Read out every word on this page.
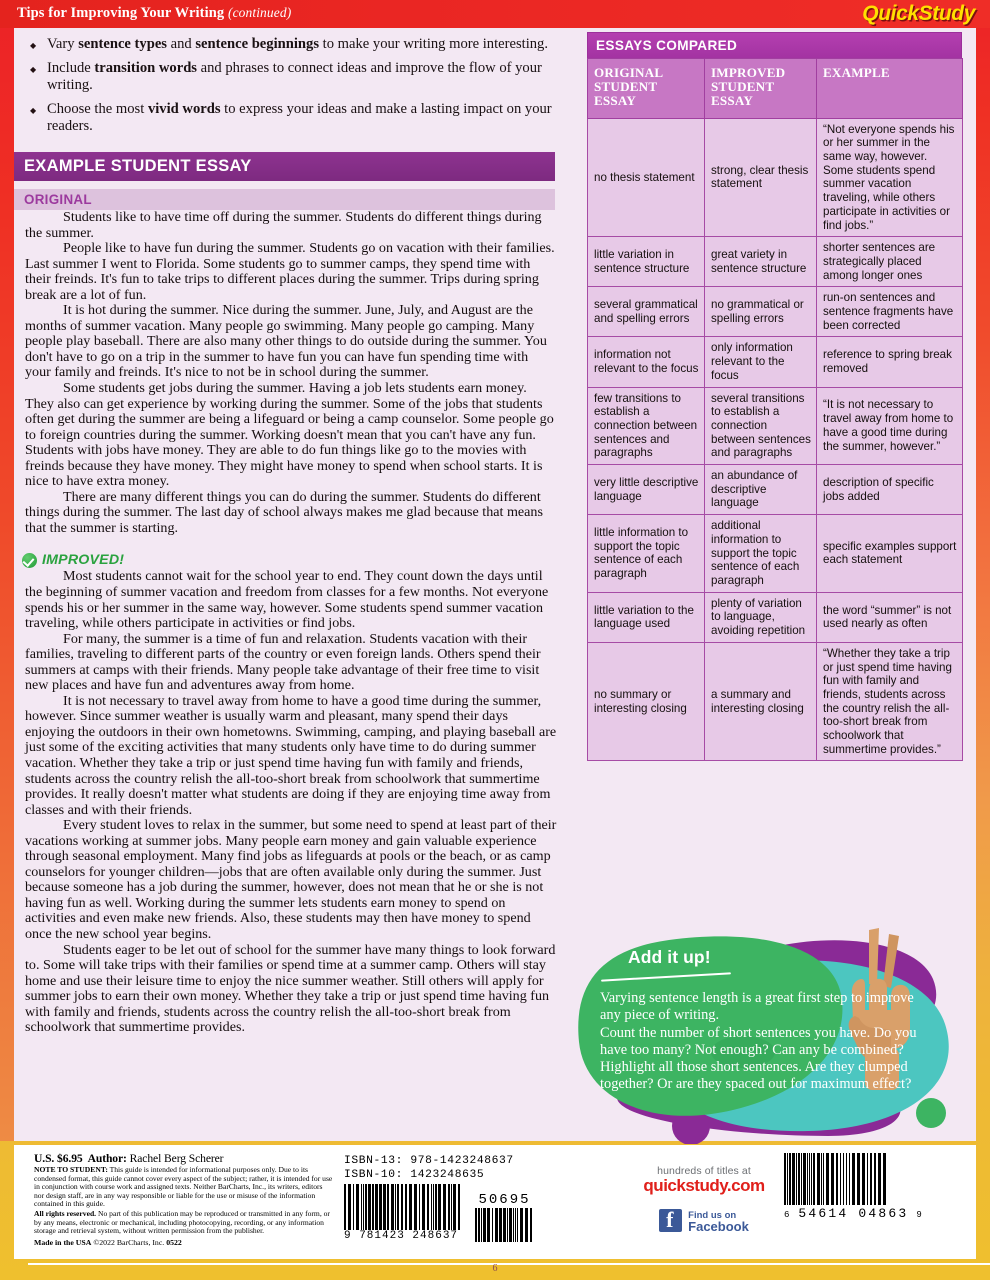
Tips for Improving Your Writing (continued)	QuickStudy
◆ Vary sentence types and sentence beginnings to make your writing more interesting.
◆ Include transition words and phrases to connect ideas and improve the flow of your writing.
◆ Choose the most vivid words to express your ideas and make a lasting impact on your readers.
EXAMPLE STUDENT ESSAY
ORIGINAL

Students like to have time off during the summer. Students do different things during the summer.

People like to have fun during the summer. Students go on vacation with their families. Last summer I went to Florida. Some students go to summer camps, they spend time with their freinds. It's fun to take trips to different places during the summer. Trips during spring break are a lot of fun.

It is hot during the summer. Nice during the summer. June, July, and August are the months of summer vacation. Many people go swimming. Many people go camping. Many people play baseball. There are also many other things to do outside during the summer. You don't have to go on a trip in the summer to have fun you can have fun spending time with your family and freinds. It's nice to not be in school during the summer.

Some students get jobs during the summer. Having a job lets students earn money. They also can get experience by working during the summer. Some of the jobs that students often get during the summer are being a lifeguard or being a camp counselor. Some people go to foreign countries during the summer. Working doesn't mean that you can't have any fun. Students with jobs have money. They are able to do fun things like go to the movies with freinds because they have money. They might have money to spend when school starts. It is nice to have extra money.

There are many different things you can do during the summer. Students do different things during the summer. The last day of school always makes me glad because that means that the summer is starting.

IMPROVED!

Most students cannot wait for the school year to end. They count down the days until the beginning of summer vacation and freedom from classes for a few months. Not everyone spends his or her summer in the same way, however. Some students spend summer vacation traveling, while others participate in activities or find jobs.

For many, the summer is a time of fun and relaxation. Students vacation with their families, traveling to different parts of the country or even foreign lands. Others spend their summers at camps with their friends. Many people take advantage of their free time to visit new places and have fun and adventures away from home.

It is not necessary to travel away from home to have a good time during the summer, however. Since summer weather is usually warm and pleasant, many spend their days enjoying the outdoors in their own hometowns. Swimming, camping, and playing baseball are just some of the exciting activities that many students only have time to do during summer vacation. Whether they take a trip or just spend time having fun with family and friends, students across the country relish the all-too-short break from schoolwork that summertime provides. It really doesn't matter what students are doing if they are enjoying time away from classes and with their friends.

Every student loves to relax in the summer, but some need to spend at least part of their vacations working at summer jobs. Many people earn money and gain valuable experience through seasonal employment. Many find jobs as lifeguards at pools or the beach, or as camp counselors for younger children—jobs that are often available only during the summer. Just because someone has a job during the summer, however, does not mean that he or she is not having fun as well. Working during the summer lets students earn money to spend on activities and even make new friends. Also, these students may then have money to spend once the new school year begins.

Students eager to be let out of school for the summer have many things to look forward to. Some will take trips with their families or spend time at a summer camp. Others will stay home and use their leisure time to enjoy the nice summer weather. Still others will apply for summer jobs to earn their own money. Whether they take a trip or just spend time having fun with family and friends, students across the country relish the all-too-short break from schoolwork that summertime provides.

ESSAYS COMPARED
ORIGINAL
STUDENT
ESSAY	IMPROVED
STUDENT
ESSAY	EXAMPLE
no thesis statement	strong, clear thesis statement	“Not everyone spends his or her summer in the same way, however.
Some students spend summer vacation traveling, while others participate in activities or find jobs.”
little variation in sentence structure	great variety in sentence structure	shorter sentences are strategically placed among longer ones
several grammatical and spelling errors	no grammatical or spelling errors	run-on sentences and sentence fragments have been corrected
information not relevant to the focus	only information relevant to the focus	reference to spring break removed
few transitions to establish a connection between sentences and paragraphs	several transitions to establish a connection between sentences and paragraphs	“It is not necessary to travel away from home to have a good time during the summer, however.”
very little descriptive language	an abundance of descriptive language	description of specific jobs added
little information to support the topic sentence of each paragraph	additional information to support the topic sentence of each paragraph	specific examples support each statement
little variation to the language used	plenty of variation to language, avoiding repetition	the word “summer” is not used nearly as often
no summary or interesting closing	a summary and interesting closing	“Whether they take a trip or just spend time having fun with family and friends, students across the country relish the all-too-short break from schoolwork that summertime provides.”
Add it up!
Varying sentence length is a great first step to improve any piece of writing.
Count the number of short sentences you have. Do you have too many? Not enough? Can any be combined? Highlight all those short sentences. Are they clumped together? Or are they spaced out for maximum effect?
U.S. $6.95 Author: Rachel Berg Scherer
NOTE TO STUDENT: This guide is intended for informational purposes only. Due to its condensed format, this guide cannot cover every aspect of the subject; rather, it is intended for use in conjunction with course work and assigned texts. Neither BarCharts, Inc., its writers, editors nor design staff, are in any way responsible or liable for the use or misuse of the information contained in this guide.
All rights reserved. No part of this publication may be reproduced or transmitted in any form, or by any means, electronic or mechanical, including photocopying, recording, or any information storage and retrieval system, without written permission from the publisher.
Made in the USA ©2022 BarCharts, Inc. 0522
ISBN-13: 978-1423248637
ISBN-10: 1423248635
9 781423 248637
50695
hundreds of titles at
quickstudy.com
f
Find us on
Facebook
6 54614 04863 9
6
